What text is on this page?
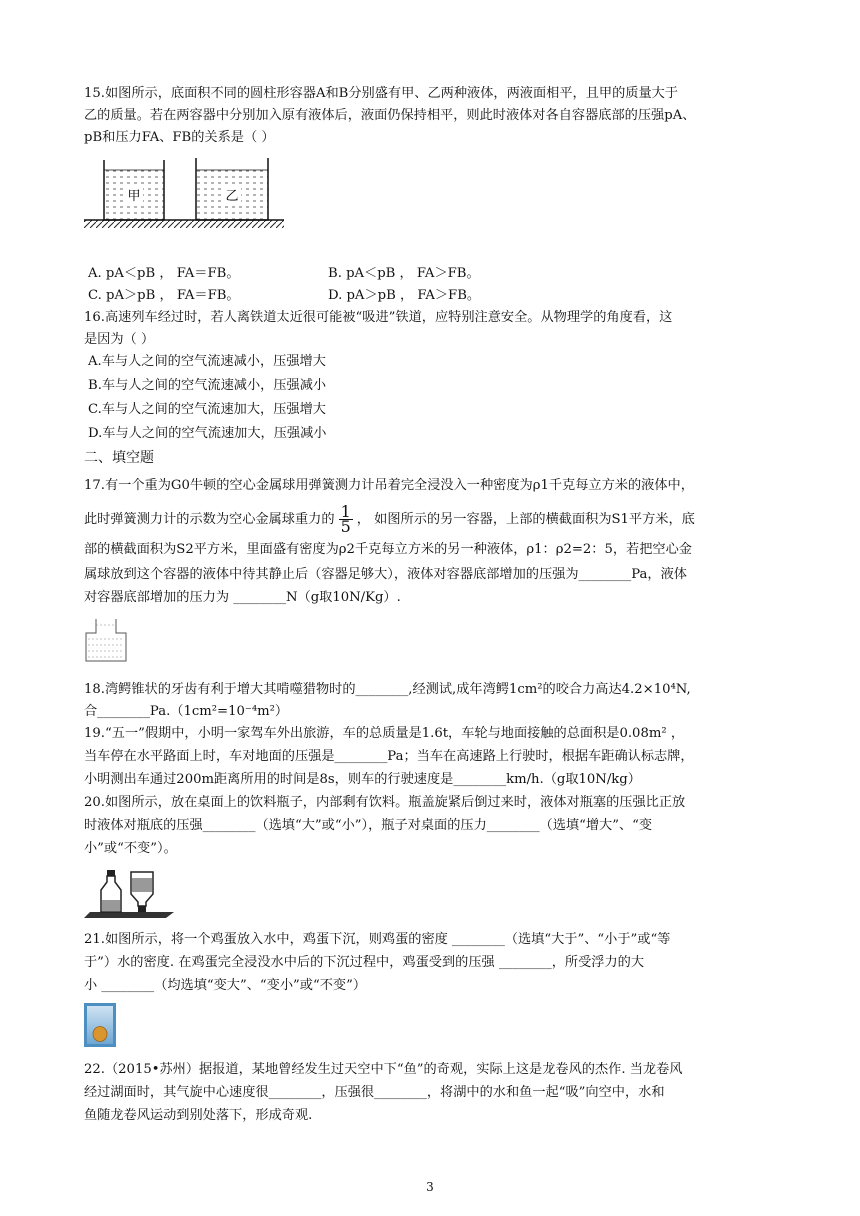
15.如图所示，底面积不同的圆柱形容器A和B分别盛有甲、乙两种液体，两液面相平，且甲的质量大于
乙的质量。若在两容器中分别加入原有液体后，液面仍保持相平，则此时液体对各自容器底部的压强pA、
pB和压力FA、FB的关系是（ ）
甲	乙
A. pA＜pB ， FA＝FB。	B. pA＜pB ， FA＞FB。
C. pA＞pB ， FA＝FB。	D. pA＞pB ， FA＞FB。
16.高速列车经过时，若人离铁道太近很可能被“吸进”铁道，应特别注意安全。从物理学的角度看，这
是因为（ ）
A.车与人之间的空气流速减小，压强增大
B.车与人之间的空气流速减小，压强减小
C.车与人之间的空气流速加大，压强增大
D.车与人之间的空气流速加大，压强减小
二、填空题
17.有一个重为G0牛顿的空心金属球用弹簧测力计吊着完全浸没入一种密度为ρ1千克每立方米的液体中，
此时弹簧测力计的示数为空心金属球重力的 $\frac{1}{5}$ ， 如图所示的另一容器，上部的横截面积为S1平方米，底
部的横截面积为S2平方米，里面盛有密度为ρ2千克每立方米的另一种液体，ρ1：ρ2=2：5，若把空心金
属球放到这个容器的液体中待其静止后（容器足够大），液体对容器底部增加的压强为________Pa，液体
对容器底部增加的压力为 ________N（g取10N/Kg）.
18.湾鳄锥状的牙齿有利于增大其啃噬猎物时的________,经测试,成年湾鳄1cm²的咬合力高达4.2×10⁴N,
合________Pa.（1cm²=10⁻⁴m²）
19.“五一”假期中，小明一家驾车外出旅游，车的总质量是1.6t，车轮与地面接触的总面积是0.08m² ，
当车停在水平路面上时，车对地面的压强是________Pa；当车在高速路上行驶时，根据车距确认标志牌，
小明测出车通过200m距离所用的时间是8s，则车的行驶速度是________km/h.（g取10N/kg）
20.如图所示，放在桌面上的饮料瓶子，内部剩有饮料。瓶盖旋紧后倒过来时，液体对瓶塞的压强比正放
时液体对瓶底的压强________（选填“大”或“小”），瓶子对桌面的压力________（选填“增大”、“变
小”或“不变”）。
21.如图所示，将一个鸡蛋放入水中，鸡蛋下沉，则鸡蛋的密度 ________（选填“大于”、“小于”或“等
于”）水的密度. 在鸡蛋完全浸没水中后的下沉过程中，鸡蛋受到的压强 ________，所受浮力的大
小 ________（均选填“变大”、“变小”或“不变”）
22.（2015•苏州）据报道，某地曾经发生过天空中下“鱼”的奇观，实际上这是龙卷风的杰作. 当龙卷风
经过湖面时，其气旋中心速度很________，压强很________，将湖中的水和鱼一起“吸”向空中，水和
鱼随龙卷风运动到别处落下，形成奇观.
3
